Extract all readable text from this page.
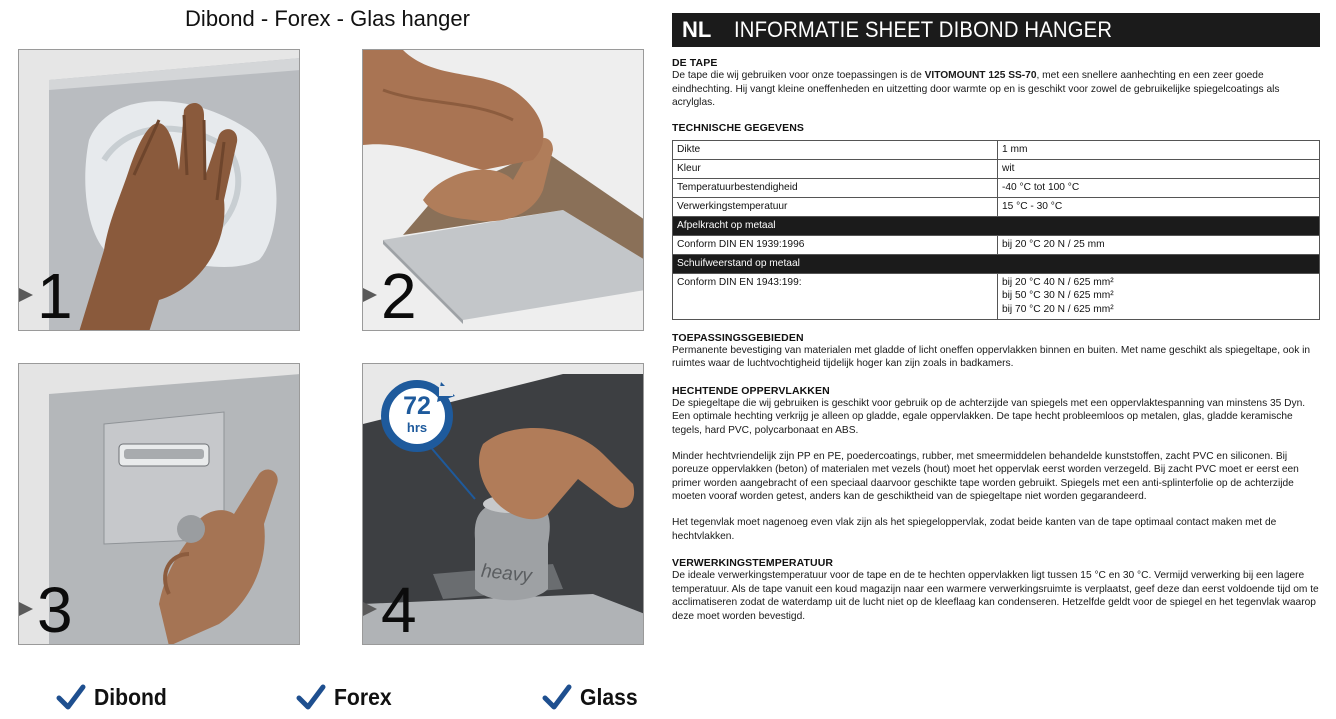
Dibond - Forex - Glas hanger
1	2
3
heavy
72
hrs
4
Dibond	Forex	Glass
NL	INFORMATIE SHEET DIBOND HANGER
DE TAPE
De tape die wij gebruiken voor onze toepassingen is de VITOMOUNT 125 SS-70, met een snellere aanhechting en een zeer goede eindhechting. Hij vangt kleine oneffenheden en uitzetting door warmte op en is geschikt voor zowel de gebruikelijke spiegelcoatings als acrylglas.
TECHNISCHE GEGEVENS
Dikte	1 mm
Kleur	wit
Temperatuurbestendigheid	-40 °C tot 100 °C
Verwerkingstemperatuur	15 °C - 30 °C
Afpelkracht op metaal	
Conform DIN EN 1939:1996	bij 20 °C 20 N / 25 mm
Schuifweerstand op metaal	
Conform DIN EN 1943:199:	bij 20 °C 40 N / 625 mm²
bij 50 °C 30 N / 625 mm²
bij 70 °C 20 N / 625 mm²
TOEPASSINGSGEBIEDEN
Permanente bevestiging van materialen met gladde of licht oneffen oppervlakken binnen en buiten. Met name geschikt als spiegeltape, ook in ruimtes waar de luchtvochtigheid tijdelijk hoger kan zijn zoals in badkamers.
HECHTENDE OPPERVLAKKEN
De spiegeltape die wij gebruiken is geschikt voor gebruik op de achterzijde van spiegels met een oppervlaktespanning van minstens 35 Dyn. Een optimale hechting verkrijg je alleen op gladde, egale oppervlakken. De tape hecht probleemloos op metalen, glas, gladde keramische tegels, hard PVC, polycarbonaat en ABS.
Minder hechtvriendelijk zijn PP en PE, poedercoatings, rubber, met smeermiddelen behandelde kunststoffen, zacht PVC en siliconen. Bij poreuze oppervlakken (beton) of materialen met vezels (hout) moet het oppervlak eerst worden verzegeld. Bij zacht PVC moet er eerst een primer worden aangebracht of een speciaal daarvoor geschikte tape worden gebruikt. Spiegels met een anti-splinterfolie op de achterzijde moeten vooraf worden getest, anders kan de geschiktheid van de spiegeltape niet worden gegarandeerd.
Het tegenvlak moet nagenoeg even vlak zijn als het spiegeloppervlak, zodat beide kanten van de tape optimaal contact maken met de hechtvlakken.
VERWERKINGSTEMPERATUUR
De ideale verwerkingstemperatuur voor de tape en de te hechten oppervlakken ligt tussen 15 °C en 30 °C. Vermijd verwerking bij een lagere temperatuur. Als de tape vanuit een koud magazijn naar een warmere verwerkingsruimte is verplaatst, geef deze dan eerst voldoende tijd om te acclimatiseren zodat de waterdamp uit de lucht niet op de kleeflaag kan condenseren. Hetzelfde geldt voor de spiegel en het tegenvlak waarop deze moet worden bevestigd.
